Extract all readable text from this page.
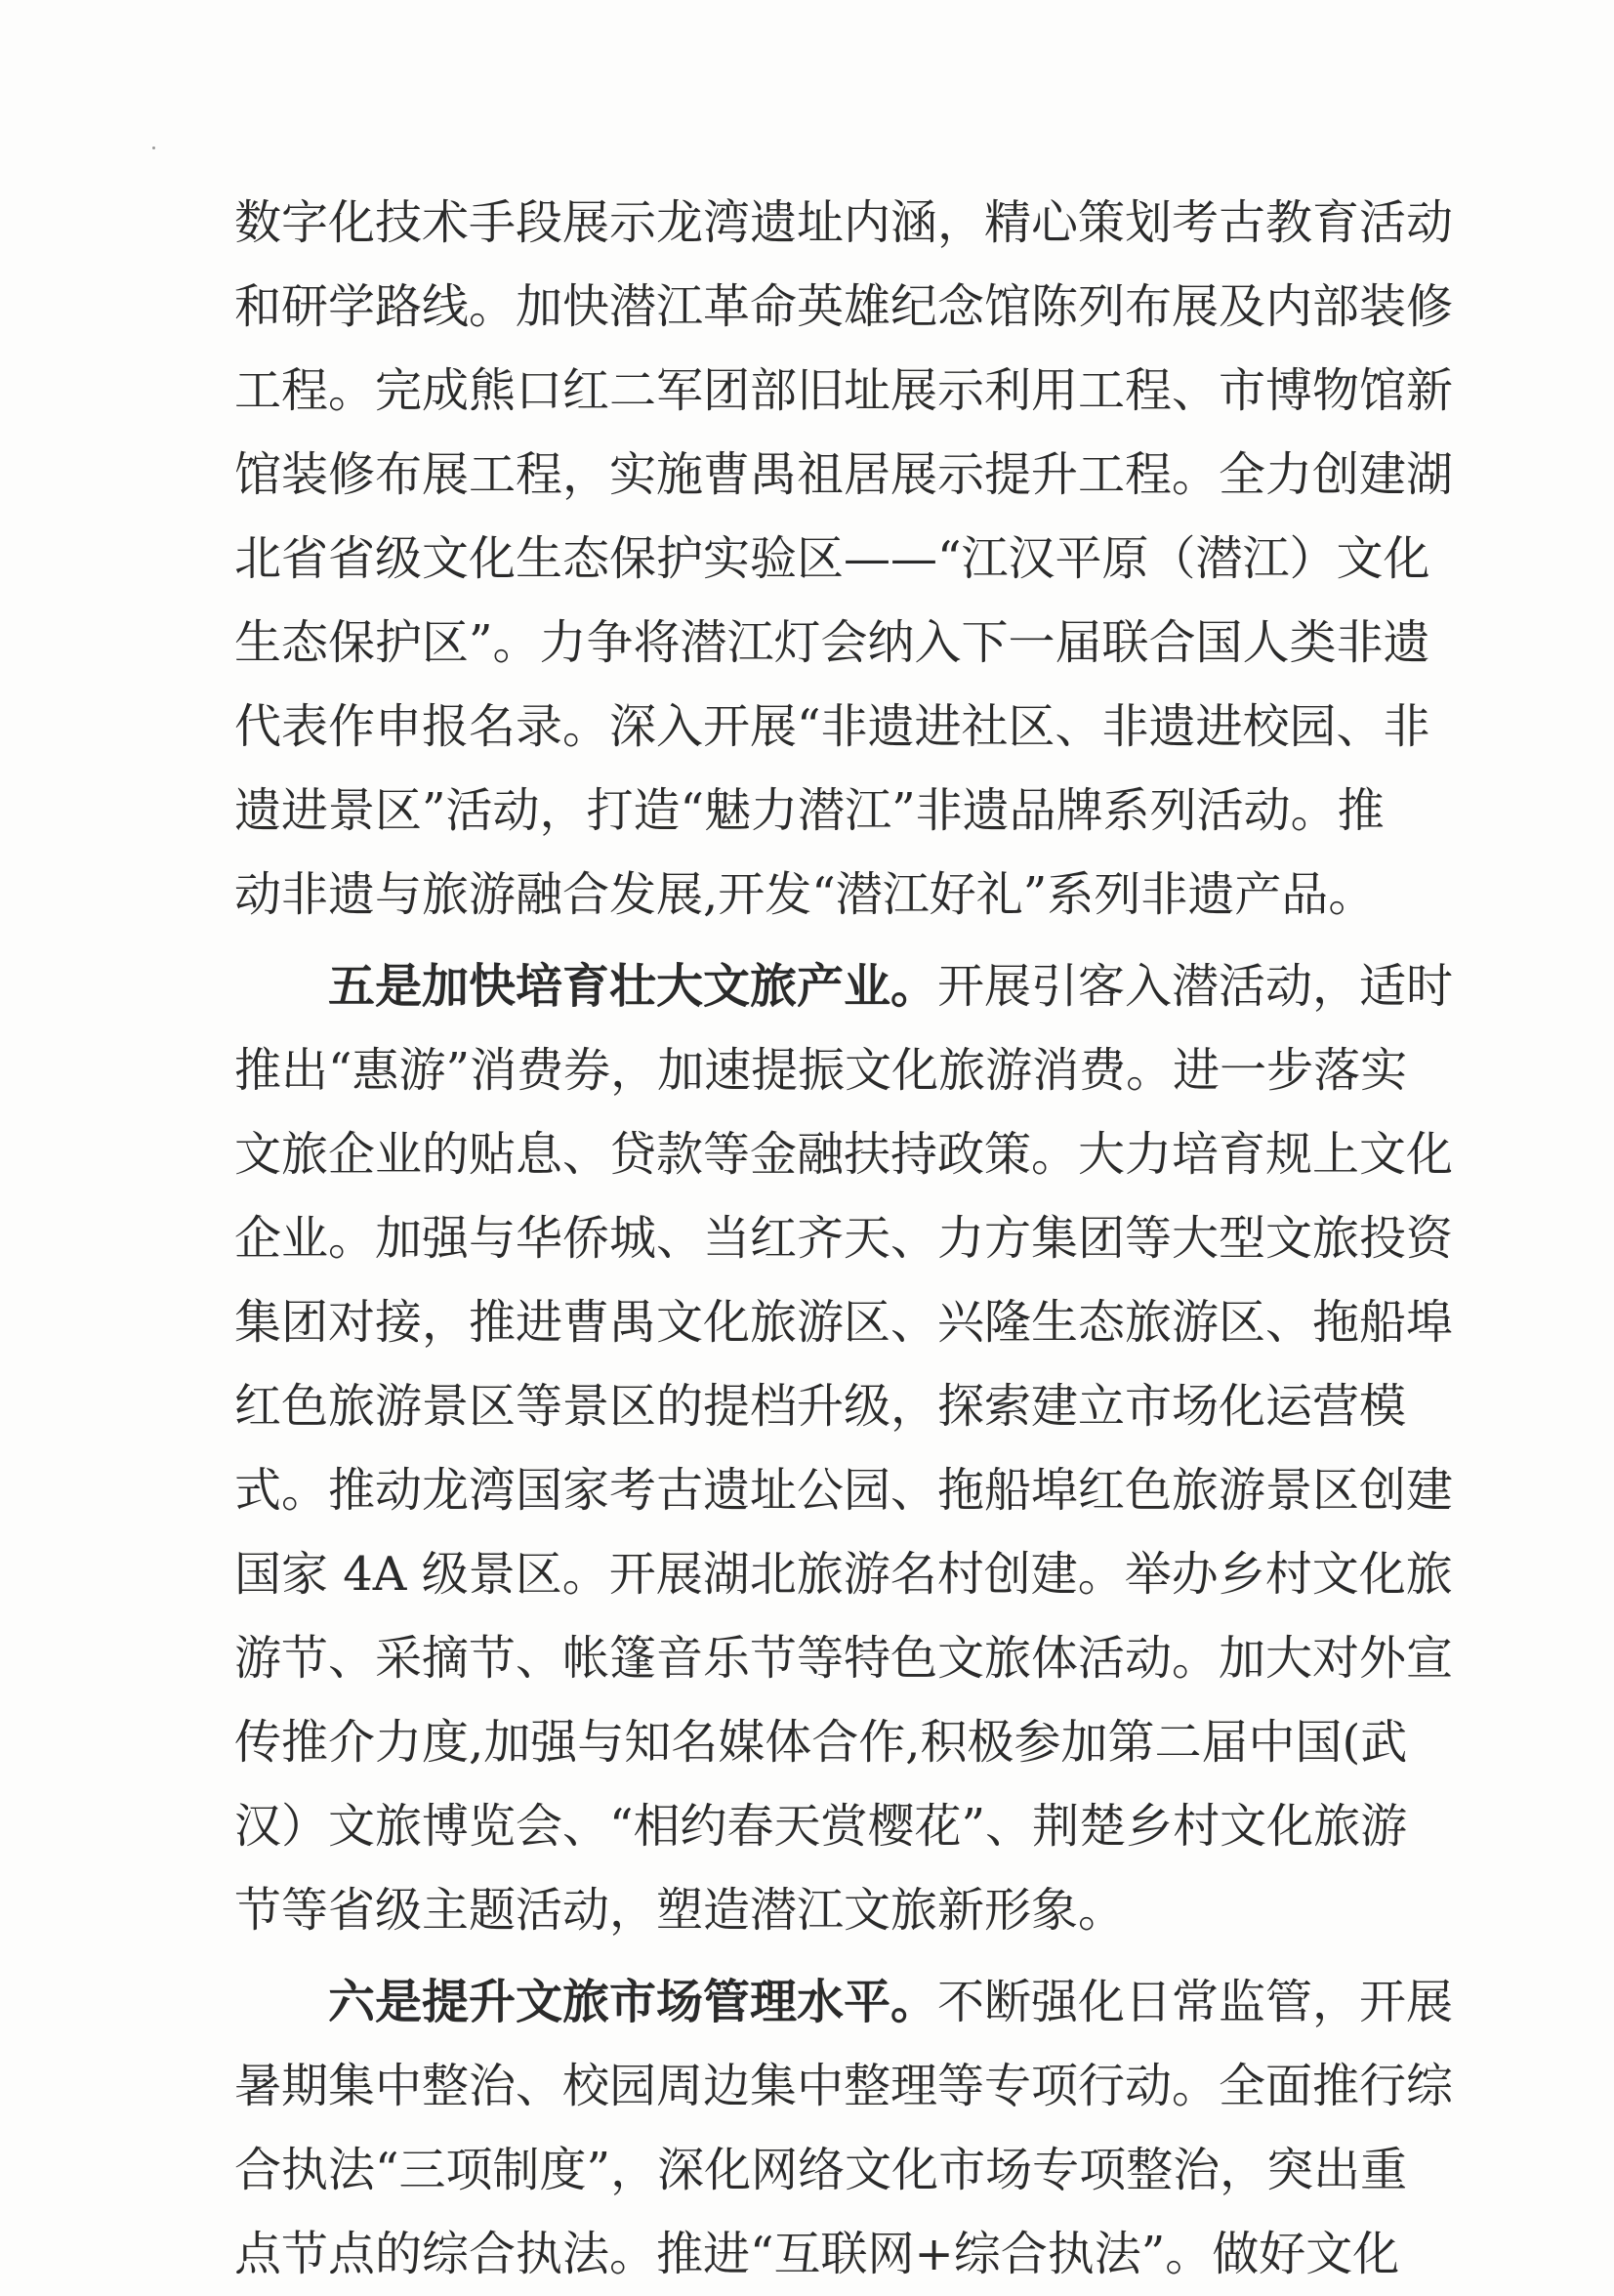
数字化技术手段展示龙湾遗址内涵，精心策划考古教育活动
和研学路线。加快潜江革命英雄纪念馆陈列布展及内部装修
工程。完成熊口红二军团部旧址展示利用工程、市博物馆新
馆装修布展工程，实施曹禺祖居展示提升工程。全力创建湖
北省省级文化生态保护实验区——“江汉平原（潜江）文化
生态保护区”。力争将潜江灯会纳入下一届联合国人类非遗
代表作申报名录。深入开展“非遗进社区、非遗进校园、非
遗进景区”活动，打造“魅力潜江”非遗品牌系列活动。推
动非遗与旅游融合发展,开发“潜江好礼”系列非遗产品。
五是加快培育壮大文旅产业。开展引客入潜活动，适时
推出“惠游”消费券，加速提振文化旅游消费。进一步落实
文旅企业的贴息、贷款等金融扶持政策。大力培育规上文化
企业。加强与华侨城、当红齐天、力方集团等大型文旅投资
集团对接，推进曹禺文化旅游区、兴隆生态旅游区、拖船埠
红色旅游景区等景区的提档升级，探索建立市场化运营模
式。推动龙湾国家考古遗址公园、拖船埠红色旅游景区创建
国家 4A 级景区。开展湖北旅游名村创建。举办乡村文化旅
游节、采摘节、帐篷音乐节等特色文旅体活动。加大对外宣
传推介力度,加强与知名媒体合作,积极参加第二届中国(武
汉）文旅博览会、“相约春天赏樱花”、荆楚乡村文化旅游
节等省级主题活动，塑造潜江文旅新形象。
六是提升文旅市场管理水平。不断强化日常监管，开展
暑期集中整治、校园周边集中整理等专项行动。全面推行综
合执法“三项制度”，深化网络文化市场专项整治，突出重
点节点的综合执法。推进“互联网+综合执法”。做好文化
